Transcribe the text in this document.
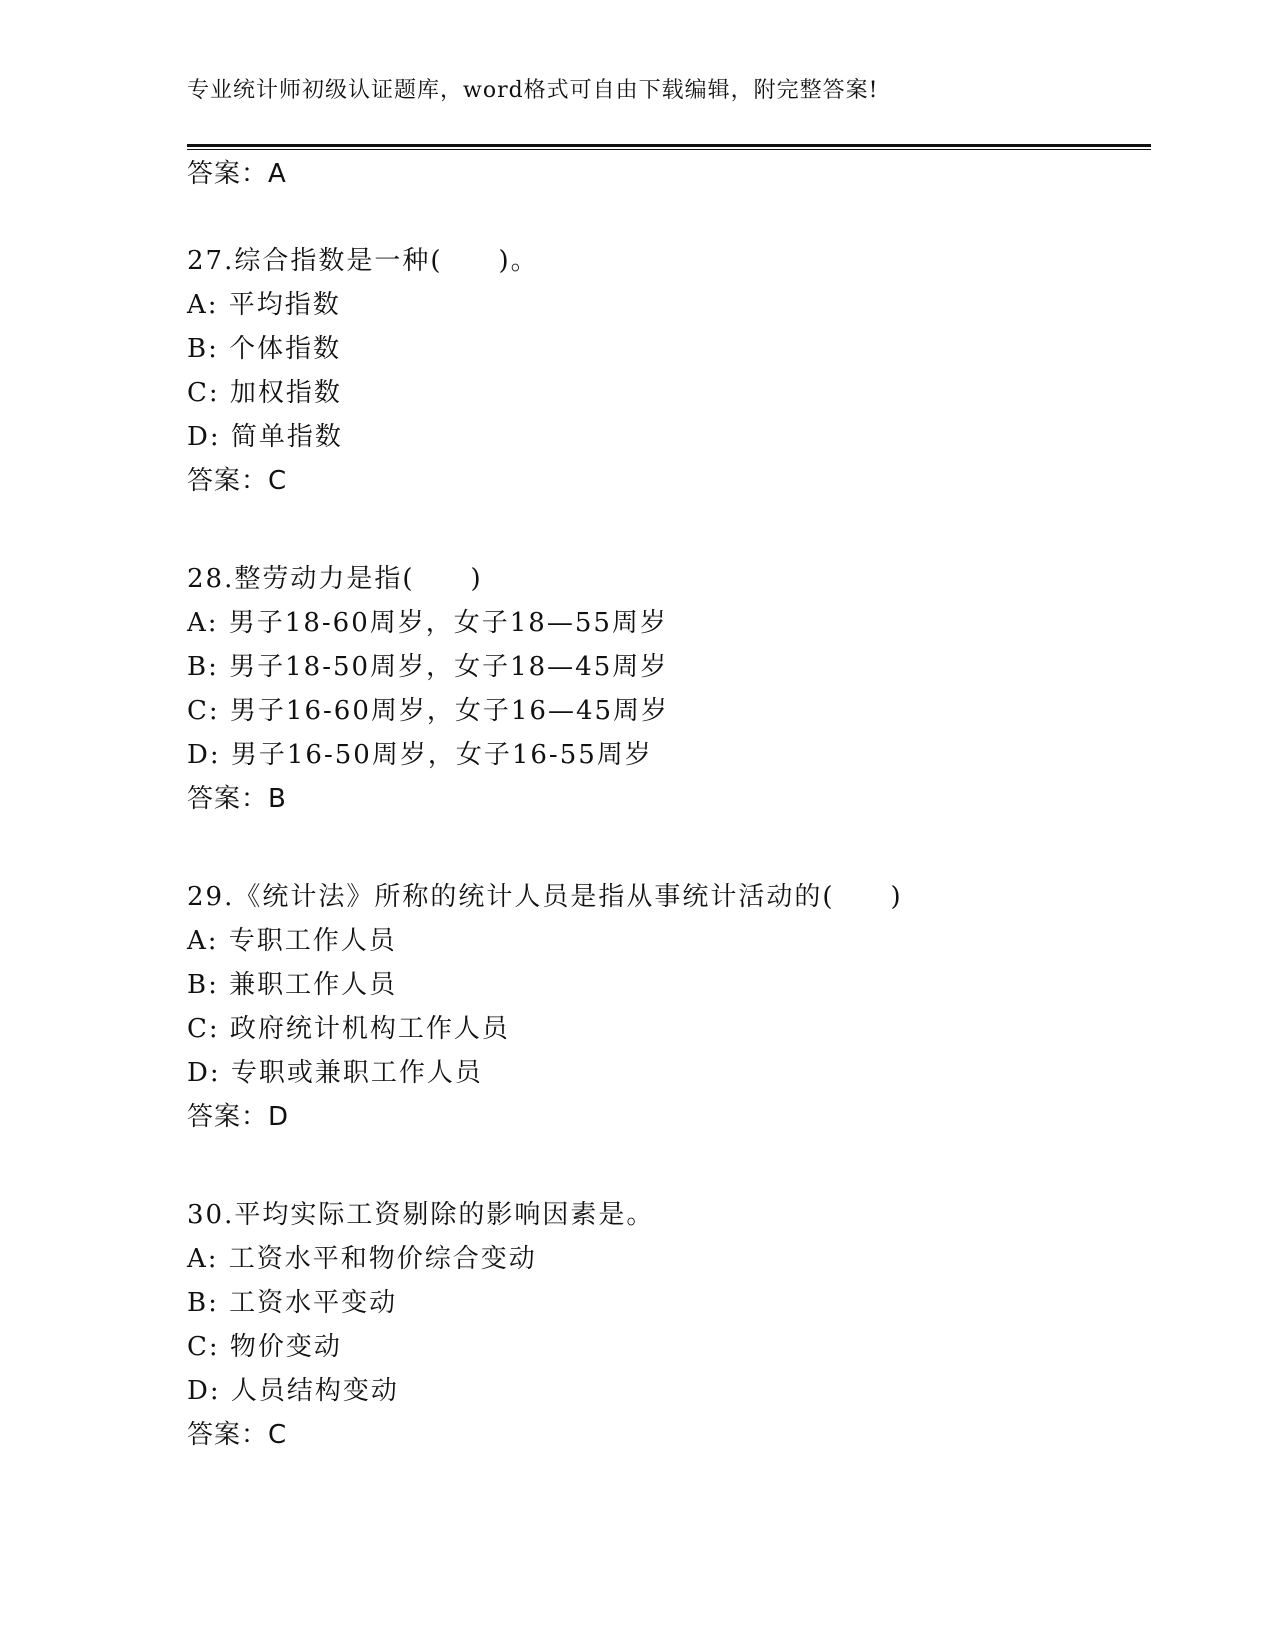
专业统计师初级认证题库，word格式可自由下载编辑，附完整答案!
答案：A
27.综合指数是一种(　　)。
A: 平均指数
B: 个体指数
C: 加权指数
D: 简单指数
答案：C
28.整劳动力是指(　　)
A: 男子18-60周岁，女子18—55周岁
B: 男子18-50周岁，女子18—45周岁
C: 男子16-60周岁，女子16—45周岁
D: 男子16-50周岁，女子16-55周岁
答案：B
29.《统计法》所称的统计人员是指从事统计活动的(　　)
A: 专职工作人员
B: 兼职工作人员
C: 政府统计机构工作人员
D: 专职或兼职工作人员
答案：D
30.平均实际工资剔除的影响因素是。
A: 工资水平和物价综合变动
B: 工资水平变动
C: 物价变动
D: 人员结构变动
答案：C
